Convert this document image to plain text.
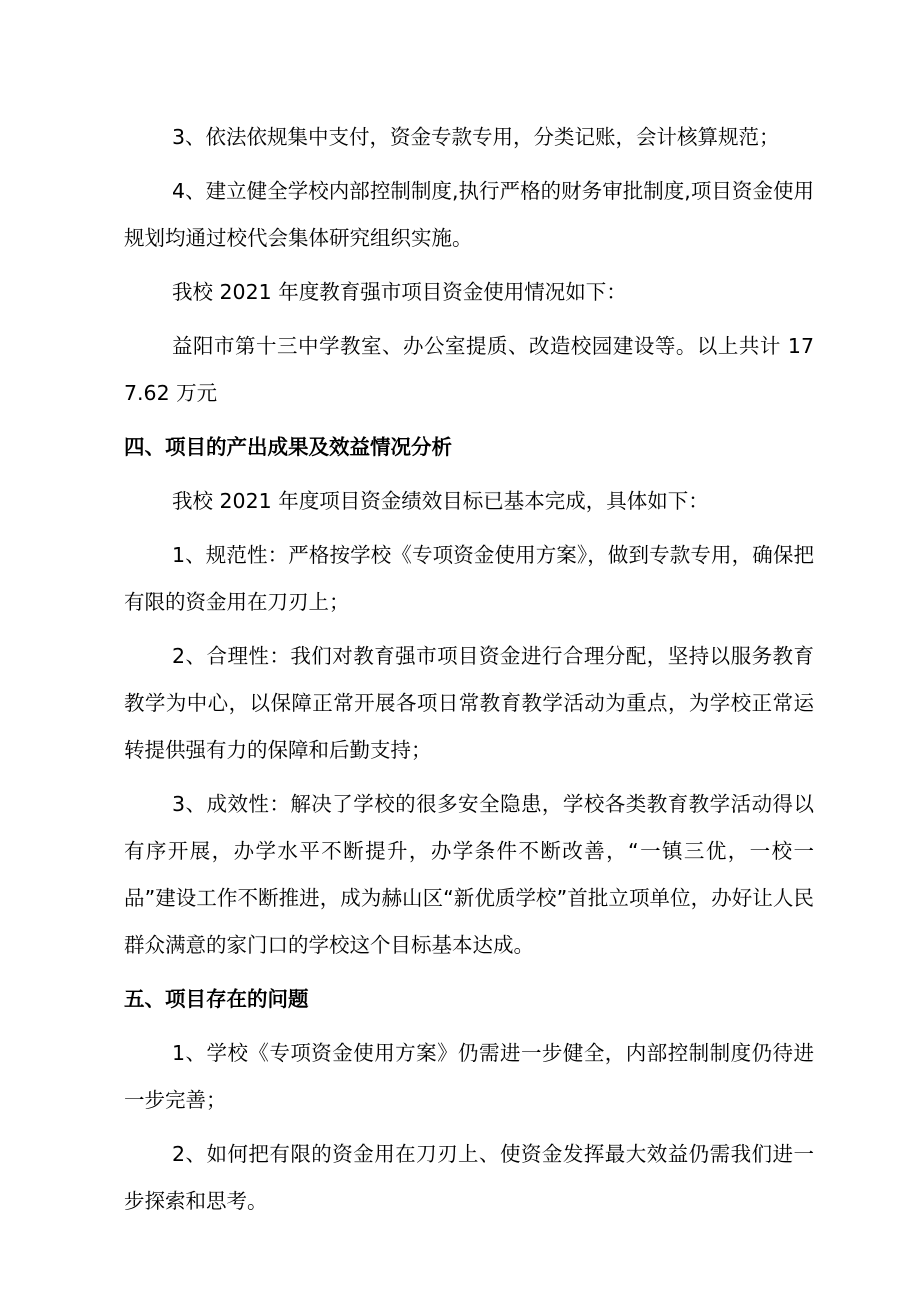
3、依法依规集中支付，资金专款专用，分类记账，会计核算规范；

4、建立健全学校内部控制制度,执行严格的财务审批制度,项目资金使用规划均通过校代会集体研究组织实施。

我校 2021 年度教育强市项目资金使用情况如下：

益阳市第十三中学教室、办公室提质、改造校园建设等。以上共计 177.62 万元

四、项目的产出成果及效益情况分析

我校 2021 年度项目资金绩效目标已基本完成，具体如下：

1、规范性：严格按学校《专项资金使用方案》，做到专款专用，确保把有限的资金用在刀刃上；

2、合理性：我们对教育强市项目资金进行合理分配，坚持以服务教育教学为中心，以保障正常开展各项日常教育教学活动为重点，为学校正常运转提供强有力的保障和后勤支持；

3、成效性：解决了学校的很多安全隐患，学校各类教育教学活动得以有序开展，办学水平不断提升，办学条件不断改善，“一镇三优，一校一品”建设工作不断推进，成为赫山区“新优质学校”首批立项单位，办好让人民群众满意的家门口的学校这个目标基本达成。

五、项目存在的问题

1、学校《专项资金使用方案》仍需进一步健全，内部控制制度仍待进一步完善；

2、如何把有限的资金用在刀刃上、使资金发挥最大效益仍需我们进一步探索和思考。
